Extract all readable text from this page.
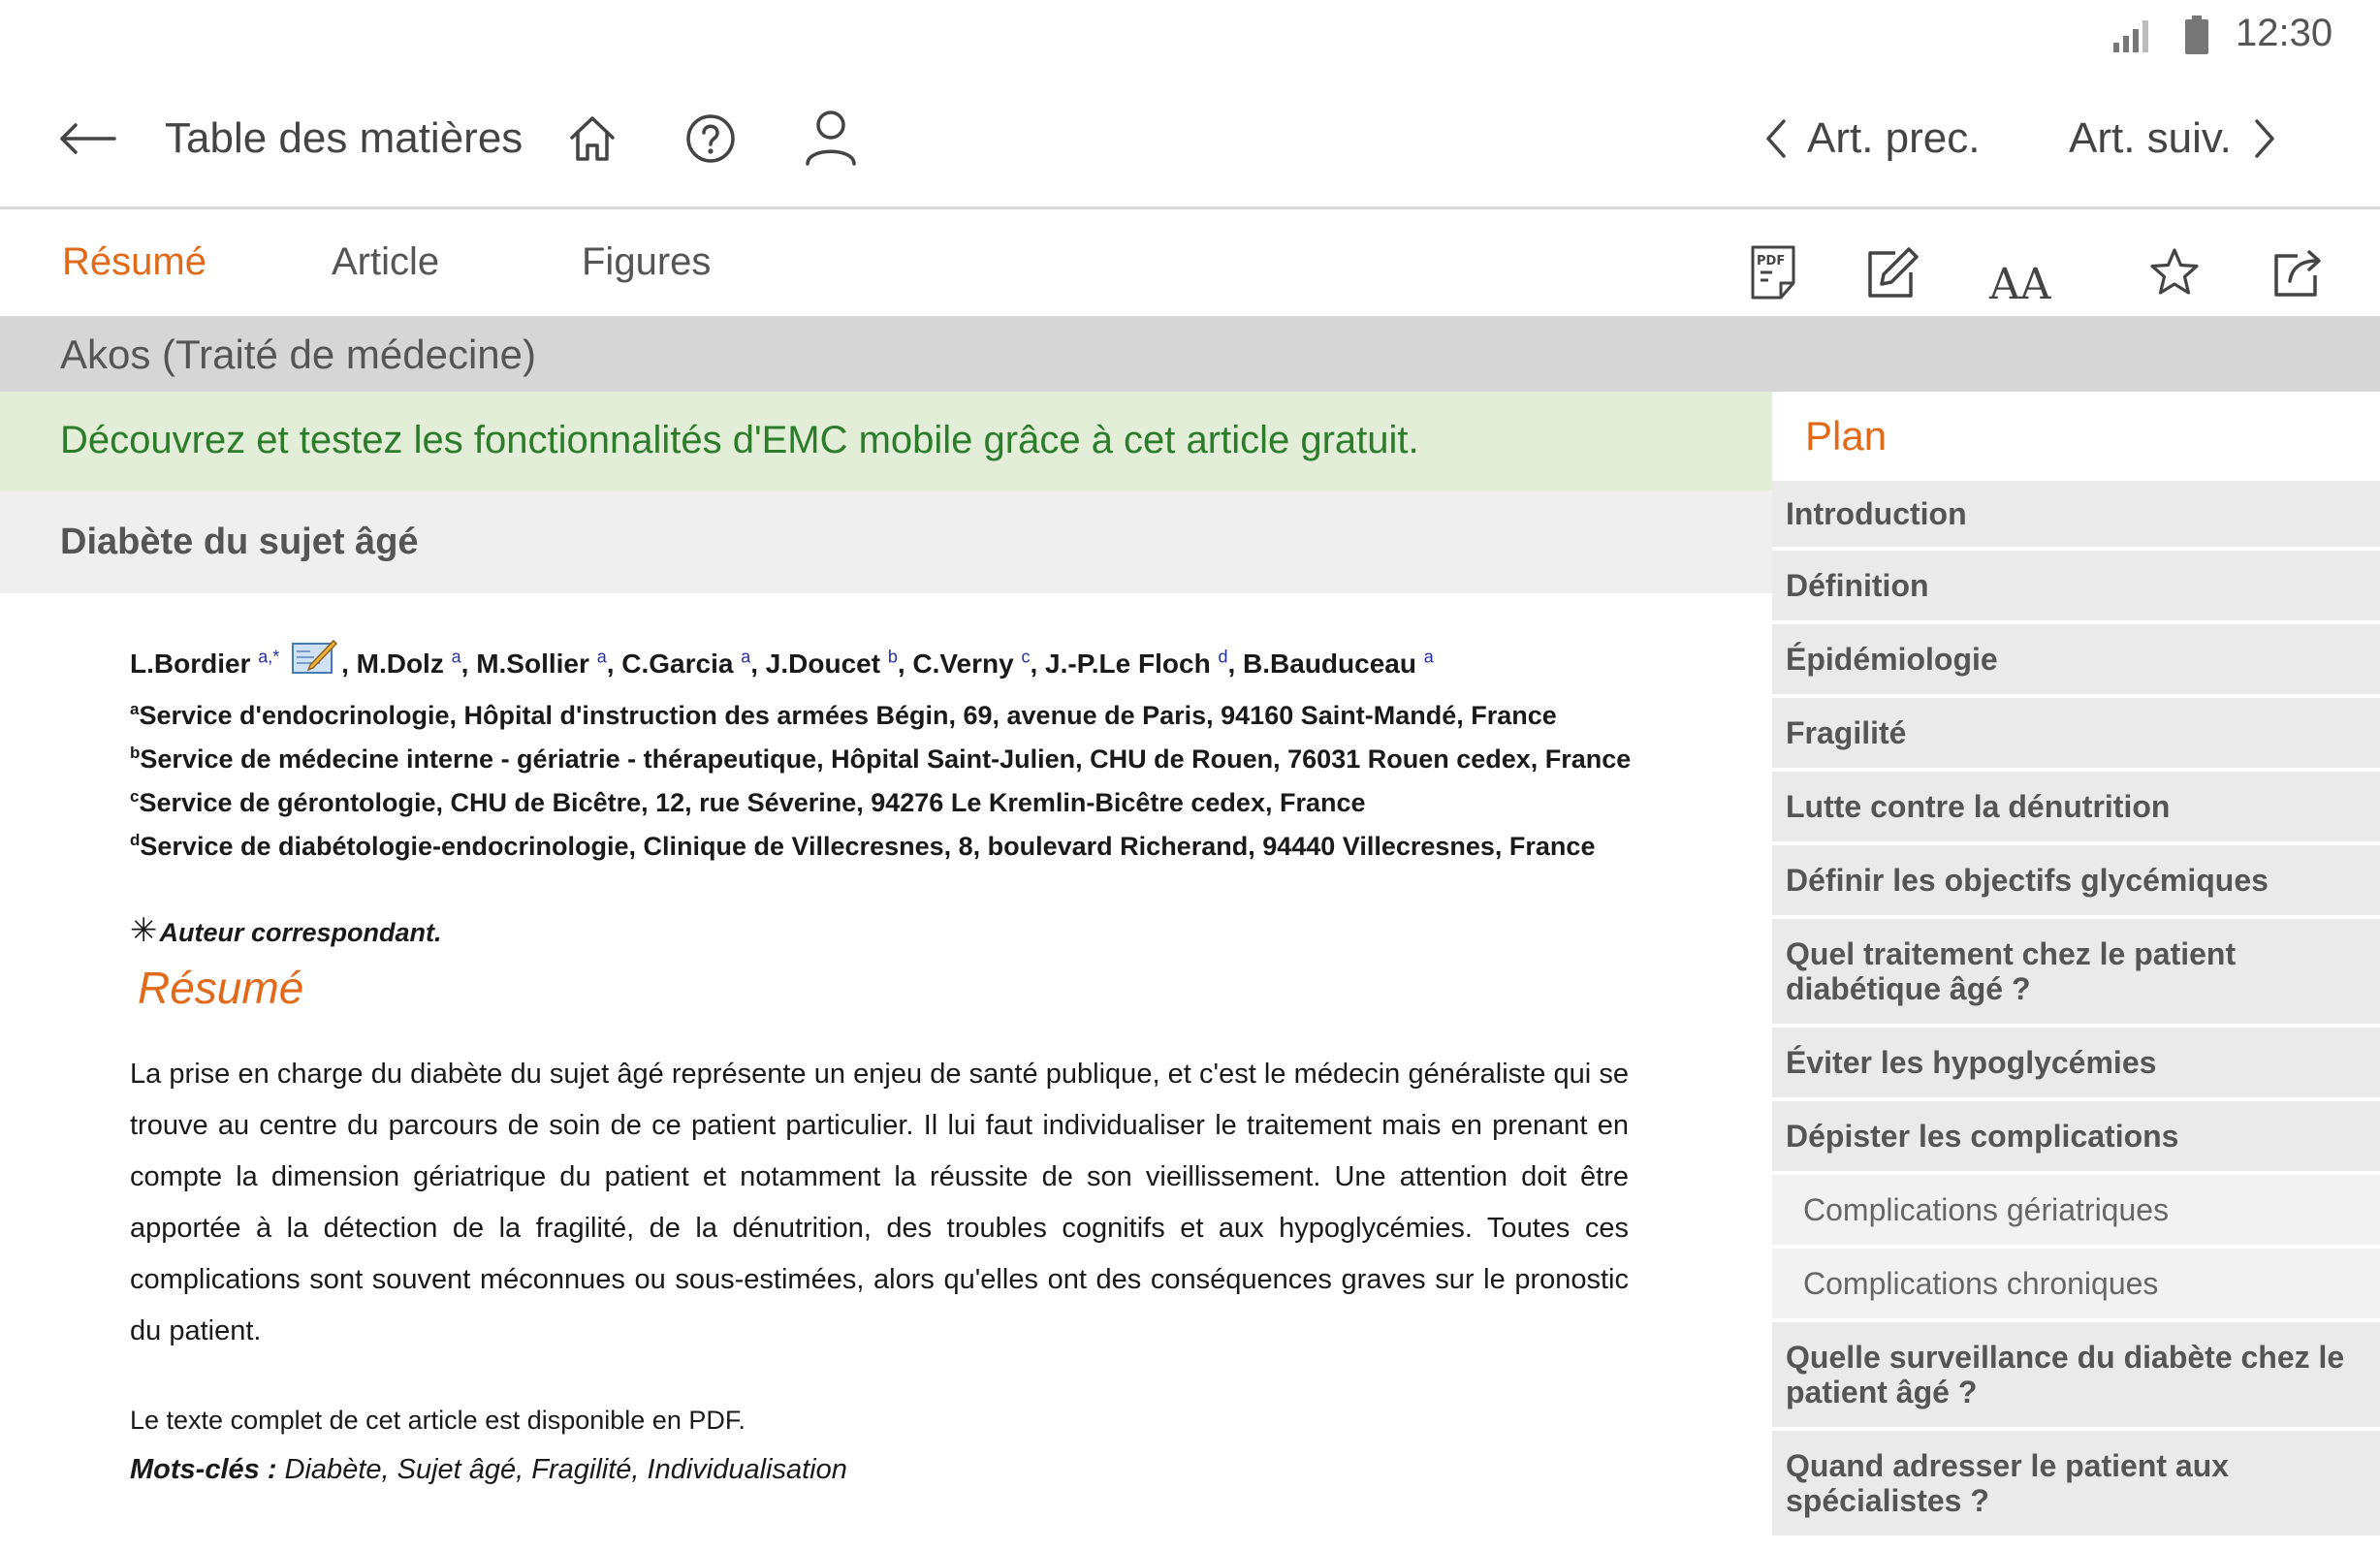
12:30
Table des matières	Art. prec. Art. suiv.
Résumé	Article	Figures	PDF	AA
Akos (Traité de médecine)
Découvrez et testez les fonctionnalités d'EMC mobile grâce à cet article gratuit.
Diabète du sujet âgé
L.Bordier $^{a,*}$ , M.Dolz $^a$, M.Sollier $^a$, C.Garcia $^a$, J.Doucet $^b$, C.Verny $^c$, J.-P.Le Floch $^d$, B.Bauduceau $^a$
$^a$Service d'endocrinologie, Hôpital d'instruction des armées Bégin, 69, avenue de Paris, 94160 Saint-Mandé, France
$^b$Service de médecine interne - gériatrie - thérapeutique, Hôpital Saint-Julien, CHU de Rouen, 76031 Rouen cedex, France
$^c$Service de gérontologie, CHU de Bicêtre, 12, rue Séverine, 94276 Le Kremlin-Bicêtre cedex, France
$^d$Service de diabétologie-endocrinologie, Clinique de Villecresnes, 8, boulevard Richerand, 94440 Villecresnes, France
✳Auteur correspondant.
Résumé
La prise en charge du diabète du sujet âgé représente un enjeu de santé publique, et c'est le médecin généraliste qui se trouve au centre du parcours de soin de ce patient particulier. Il lui faut individualiser le traitement mais en prenant en compte la dimension gériatrique du patient et notamment la réussite de son vieillissement. Une attention doit être apportée à la détection de la fragilité, de la dénutrition, des troubles cognitifs et aux hypoglycémies. Toutes ces complications sont souvent méconnues ou sous-estimées, alors qu'elles ont des conséquences graves sur le pronostic du patient.
Le texte complet de cet article est disponible en PDF.
Mots-clés : Diabète, Sujet âgé, Fragilité, Individualisation
Plan
Introduction
Définition
Épidémiologie
Fragilité
Lutte contre la dénutrition
Définir les objectifs glycémiques
Quel traitement chez le patient diabétique âgé ?
Éviter les hypoglycémies
Dépister les complications
Complications gériatriques
Complications chroniques
Quelle surveillance du diabète chez le patient âgé ?
Quand adresser le patient aux spécialistes ?
